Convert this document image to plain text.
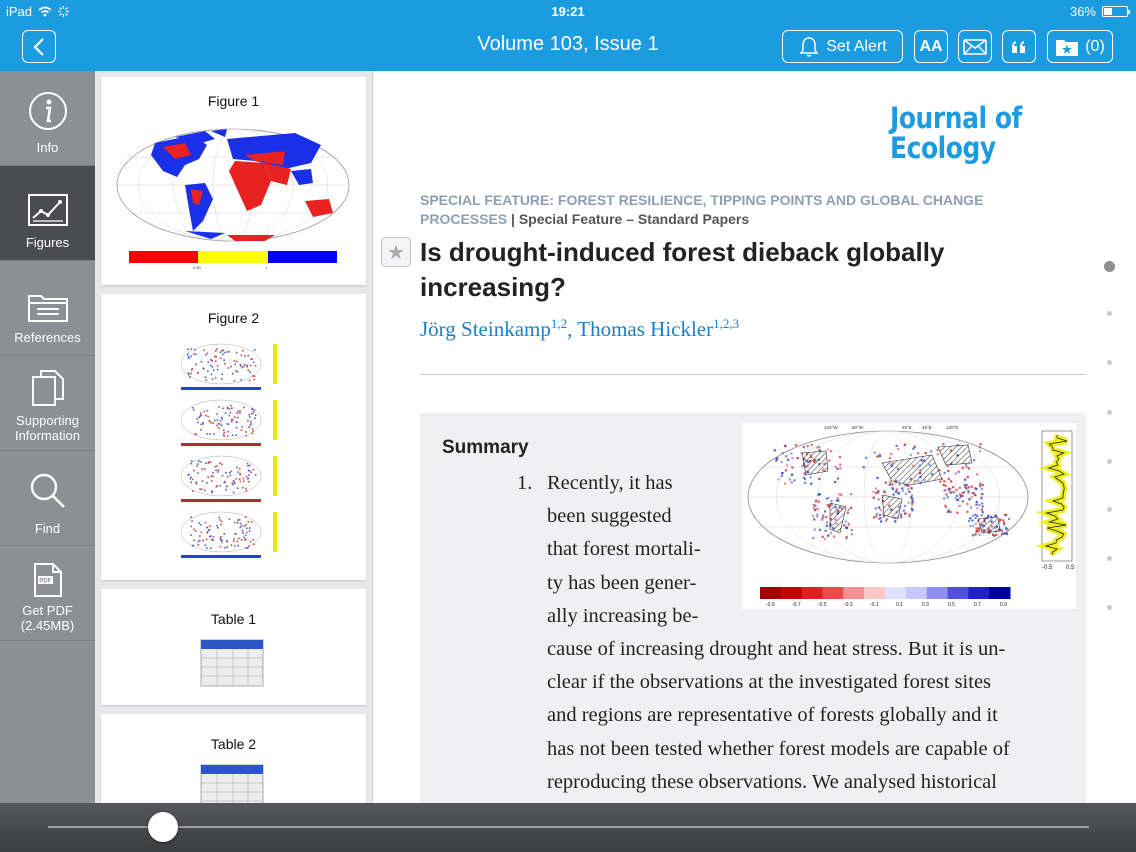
iPad	19:21	36%
Volume 103, Issue 1	Set Alert AA	(0)
Info
Figures
References
Supporting Information
Find
PDF
Get PDF (2.45MB)
Figure 1
0.60	1
Figure 2
Table 1
Table 2
Journal of
Ecology
SPECIAL FEATURE: FOREST RESILIENCE, TIPPING POINTS AND GLOBAL CHANGE PROCESSES | Special Feature – Standard Papers
★ Is drought-induced forest dieback globally increasing?
Jörg Steinkamp$^{1,2}$, Thomas Hickler$^{1,2,3}$
Summary
1. Recently, it has
been suggested
that forest mortali-
ty has been gener-
ally increasing be-
cause of increasing drought and heat stress. But it is un-
clear if the observations at the investigated forest sites
and regions are representative of forests globally and it
has not been tested whether forest models are capable of
reproducing these observations. We analysed historical
120°W	60°W	45°E 45°E	120°E
-0.5 0.5
-0.9	-0.7	-0.5	-0.3	-0.1	0.1	0.3	0.5	0.7	0.9
